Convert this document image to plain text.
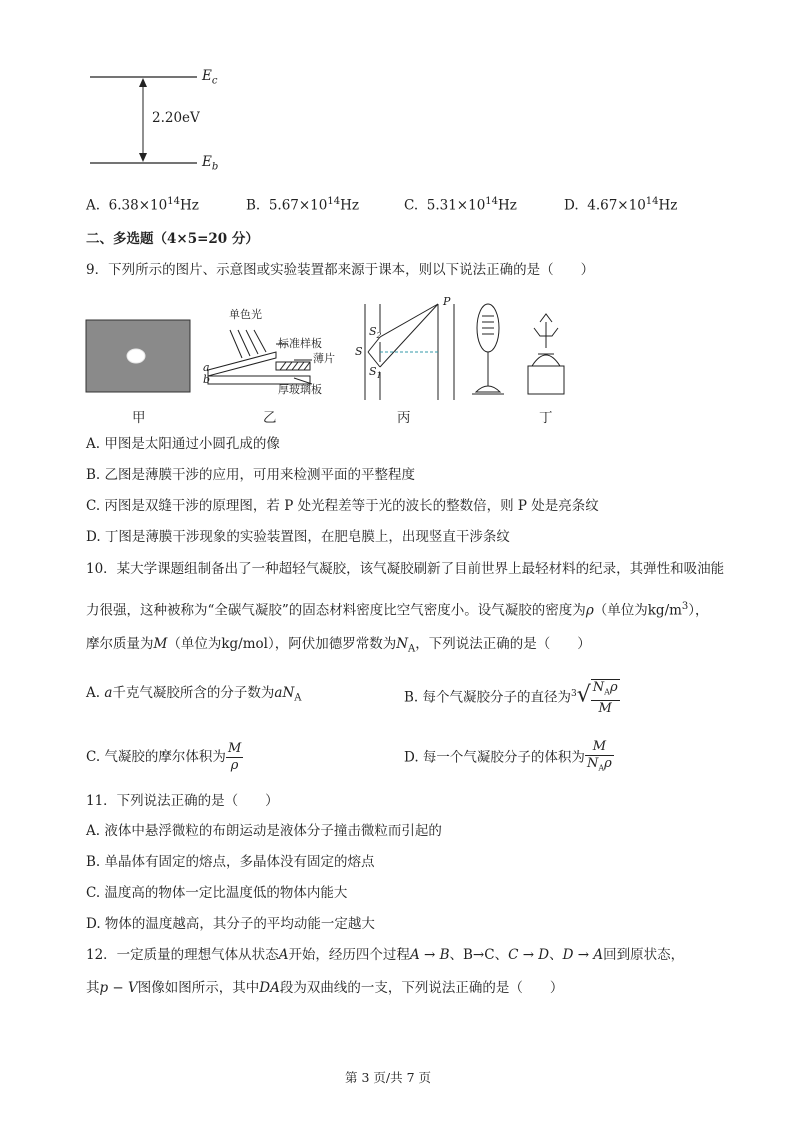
$E_c$
$E_b$
2.20eV
A. $6.38\times 10^{14}Hz$	B. $5.67\times 10^{14}Hz$	C. $5.31\times 10^{14}Hz$	D. $4.67\times 10^{14}Hz$
二、多选题（4×5=20 分）
9．下列所示的图片、示意图或实验装置都来源于课本，则以下说法正确的是（　　）
单色光
标准样板
薄片
厚玻璃板
a
b
P
S
$S_2$
$S_1$
甲	乙	丙	丁
A. 甲图是太阳通过小圆孔成的像
B. 乙图是薄膜干涉的应用，可用来检测平面的平整程度
C. 丙图是双缝干涉的原理图，若 P 处光程差等于光的波长的整数倍，则 P 处是亮条纹
D. 丁图是薄膜干涉现象的实验装置图，在肥皂膜上，出现竖直干涉条纹
10．某大学课题组制备出了一种超轻气凝胶，该气凝胶刷新了目前世界上最轻材料的纪录，其弹性和吸油能
力很强，这种被称为“全碳气凝胶”的固态材料密度比空气密度小。设气凝胶的密度为ρ（单位为$kg/m^3$），
摩尔质量为M（单位为kg/mol），阿伏加德罗常数为$N_A$，下列说法正确的是（　　）
A. a千克气凝胶所含的分子数为$aN_A$	B. 每个气凝胶分子的直径为$^3√ \frac{N_A\rho}{M}$
C. 气凝胶的摩尔体积为 $\frac{M}{\rho}$	D. 每一个气凝胶分子的体积为 $\frac{M}{N_A\rho}$
11．下列说法正确的是（　　）
A. 液体中悬浮微粒的布朗运动是液体分子撞击微粒而引起的
B. 单晶体有固定的熔点，多晶体没有固定的熔点
C. 温度高的物体一定比温度低的物体内能大
D. 物体的温度越高，其分子的平均动能一定越大
12．一定质量的理想气体从状态A开始，经历四个过程A → B、B→C、C → D、D → A回到原状态，
其p − V图像如图所示，其中DA段为双曲线的一支，下列说法正确的是（　　）
第 3 页/共 7 页
